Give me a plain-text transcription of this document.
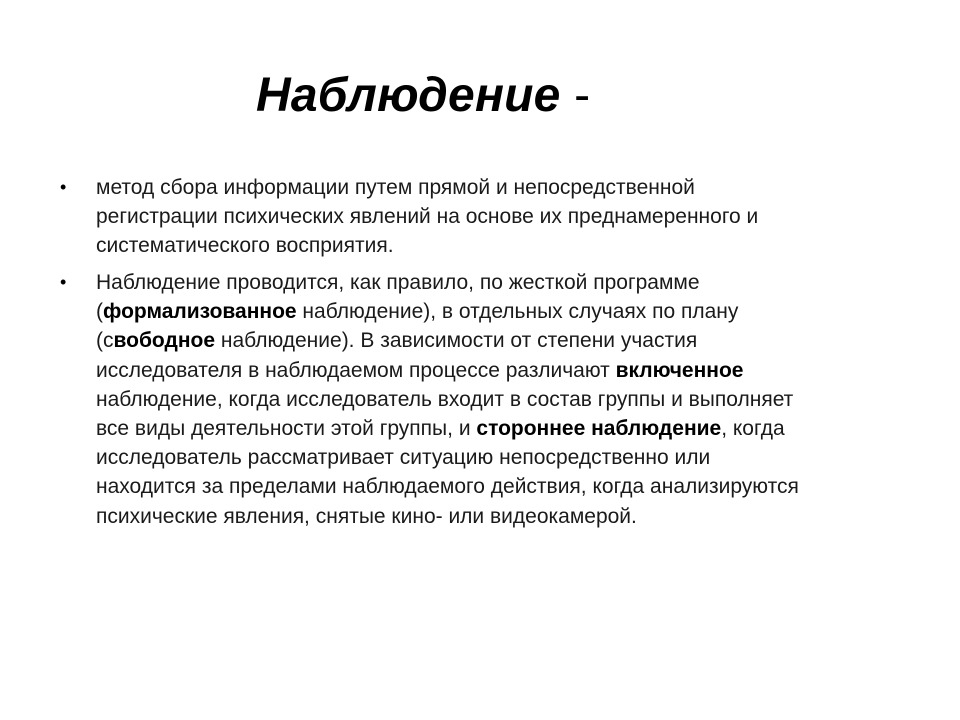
Наблюдение -
• метод сбора информации путем прямой и непосредственной
регистрации психических явлений на основе их преднамеренного и
систематического восприятия.
• Наблюдение проводится, как правило, по жесткой программе
(формализованное наблюдение), в отдельных случаях по плану
(свободное наблюдение). В зависимости от степени участия
исследователя в наблюдаемом процессе различают включенное
наблюдение, когда исследователь входит в состав группы и выполняет
все виды деятельности этой группы, и стороннее наблюдение, когда
исследователь рассматривает ситуацию непосредственно или
находится за пределами наблюдаемого действия, когда анализируются
психические явления, снятые кино- или видеокамерой.
